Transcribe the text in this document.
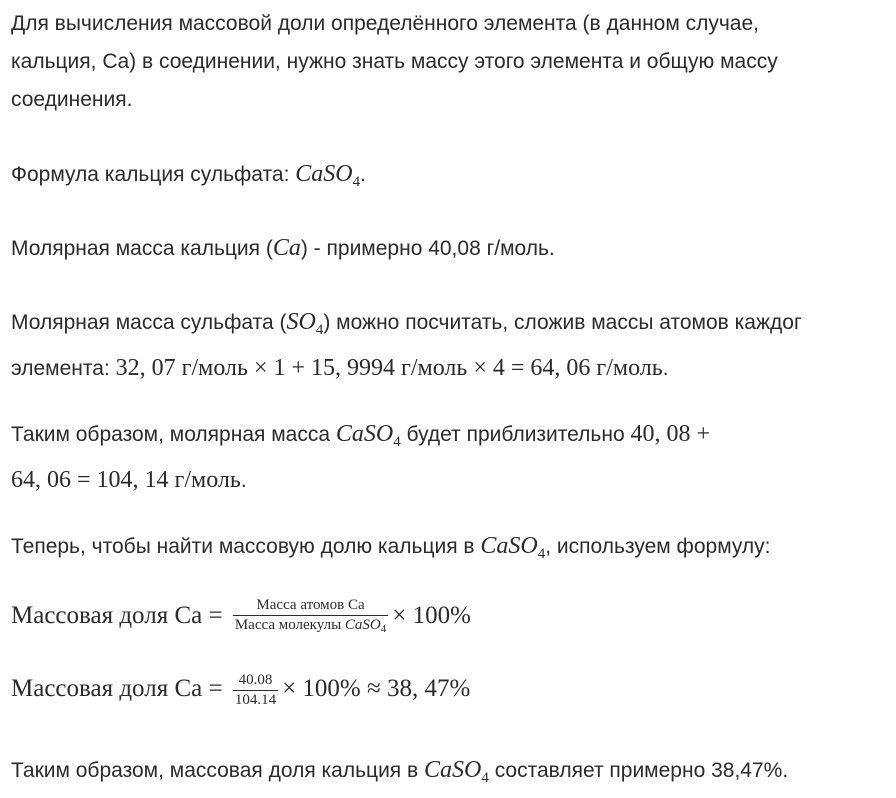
Для вычисления массовой доли определённого элемента (в данном случае,
кальция, Ca) в соединении, нужно знать массу этого элемента и общую массу
соединения.
Формула кальция сульфата: CaSO$_4$.
Молярная масса кальция (Ca) - примерно 40,08 г/моль.
Молярная масса сульфата $(SO_4)$ можно посчитать, сложив массы атомов каждог
элемента: 32, 07 г/моль × 1 + 15, 9994 г/моль × 4 = 64, 06 г/моль.
Таким образом, молярная масса CaSO$_4$ будет приблизительно 40, 08 +
64, 06 = 104, 14 г/моль.
Теперь, чтобы найти массовую долю кальция в CaSO$_4$, используем формулу:
Массовая доля $Ca = \frac{\text{Масса атомов Ca}}{Масса молекулы CaSO_4} \times 100\%$
Массовая доля $Ca = \frac{40.08}{104.14} \times 100\% \approx 38$, 47%
Таким образом, массовая доля кальция в CaSO$_4$ составляет примерно 38,47%.
